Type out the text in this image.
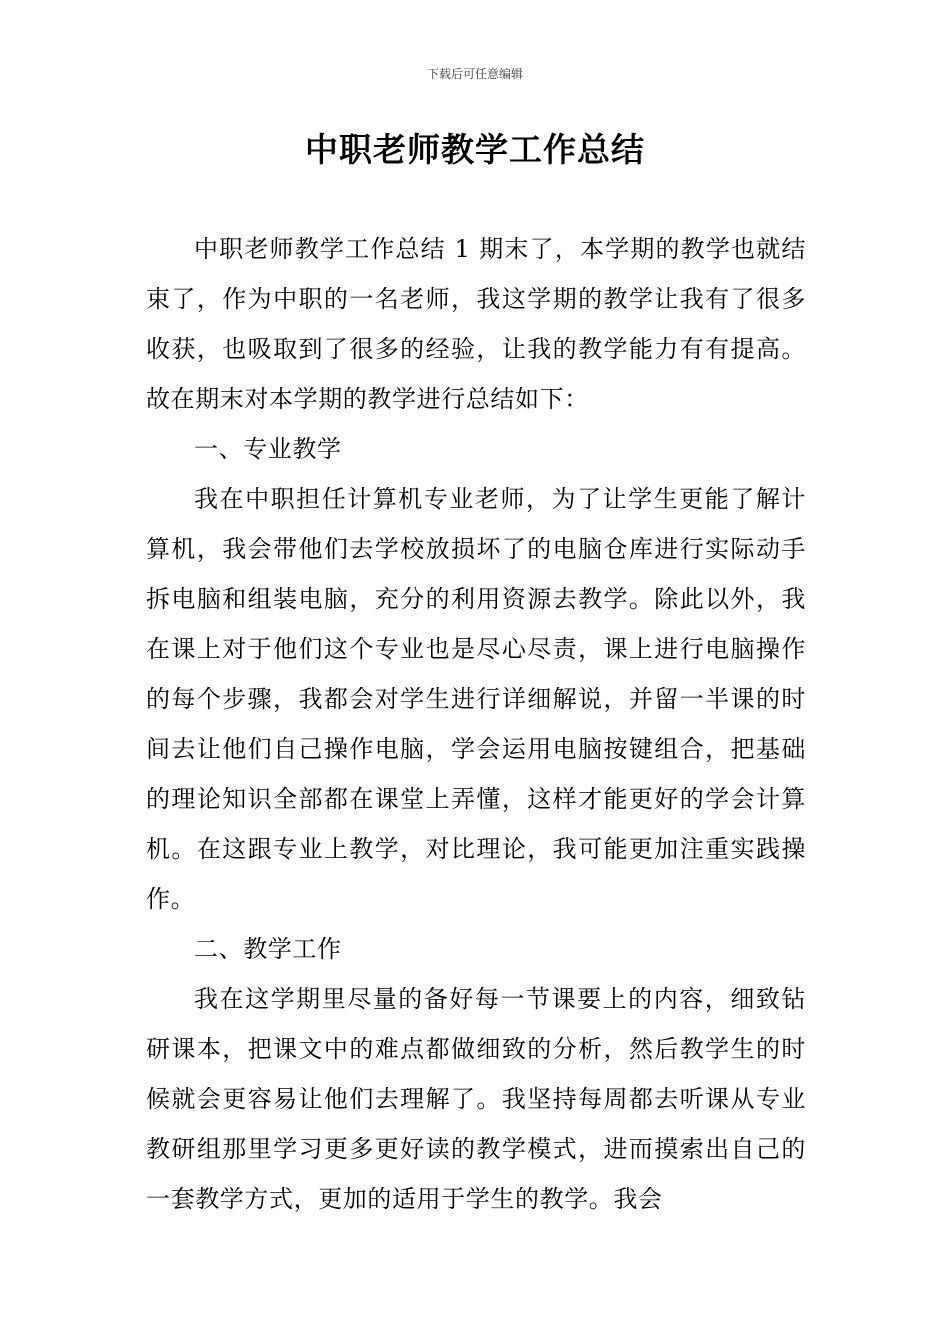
下载后可任意编辑
中职老师教学工作总结

中职老师教学工作总结 1 期末了，本学期的教学也就结束了，作为中职的一名老师，我这学期的教学让我有了很多收获，也吸取到了很多的经验，让我的教学能力有有提高。故在期末对本学期的教学进行总结如下：

一、专业教学

我在中职担任计算机专业老师，为了让学生更能了解计算机，我会带他们去学校放损坏了的电脑仓库进行实际动手拆电脑和组装电脑，充分的利用资源去教学。除此以外，我在课上对于他们这个专业也是尽心尽责，课上进行电脑操作的每个步骤，我都会对学生进行详细解说，并留一半课的时间去让他们自己操作电脑，学会运用电脑按键组合，把基础的理论知识全部都在课堂上弄懂，这样才能更好的学会计算机。在这跟专业上教学，对比理论，我可能更加注重实践操作。

二、教学工作

我在这学期里尽量的备好每一节课要上的内容，细致钻研课本，把课文中的难点都做细致的分析，然后教学生的时候就会更容易让他们去理解了。我坚持每周都去听课从专业教研组那里学习更多更好读的教学模式，进而摸索出自己的一套教学方式，更加的适用于学生的教学。我会
